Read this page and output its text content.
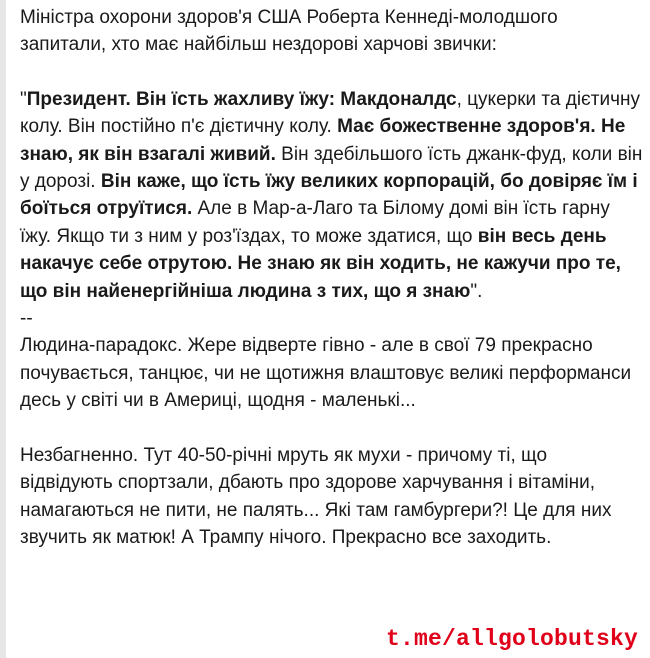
Міністра охорони здоров'я США Роберта Кеннеді-молодшого запитали, хто має найбільш нездорові харчові звички:

"Президент. Він їсть жахливу їжу: Макдоналдс, цукерки та дієтичну колу. Він постійно п'є дієтичну колу. Має божественне здоров'я. Не знаю, як він взагалі живий. Він здебільшого їсть джанк-фуд, коли він у дорозі. Він каже, що їсть їжу великих корпорацій, бо довіряє їм і боїться отруїтися. Але в Мар-а-Лаго та Білому домі він їсть гарну їжу. Якщо ти з ним у роз'їздах, то може здатися, що він весь день накачує себе отрутою. Не знаю як він ходить, не кажучи про те, що він найенергійніша людина з тих, що я знаю".

--

Людина-парадокс. Жере відверте гівно - але в свої 79 прекрасно почувається, танцює, чи не щотижня влаштовує великі перформанси десь у світі чи в Америці, щодня - маленькі...

Незбагненно. Тут 40-50-річні мруть як мухи - причому ті, що відвідують спортзали, дбають про здорове харчування і вітаміни, намагаються не пити, не палять... Які там гамбургери?! Це для них звучить як матюк! А Трампу нічого. Прекрасно все заходить.

t.me/allgolobutsky
